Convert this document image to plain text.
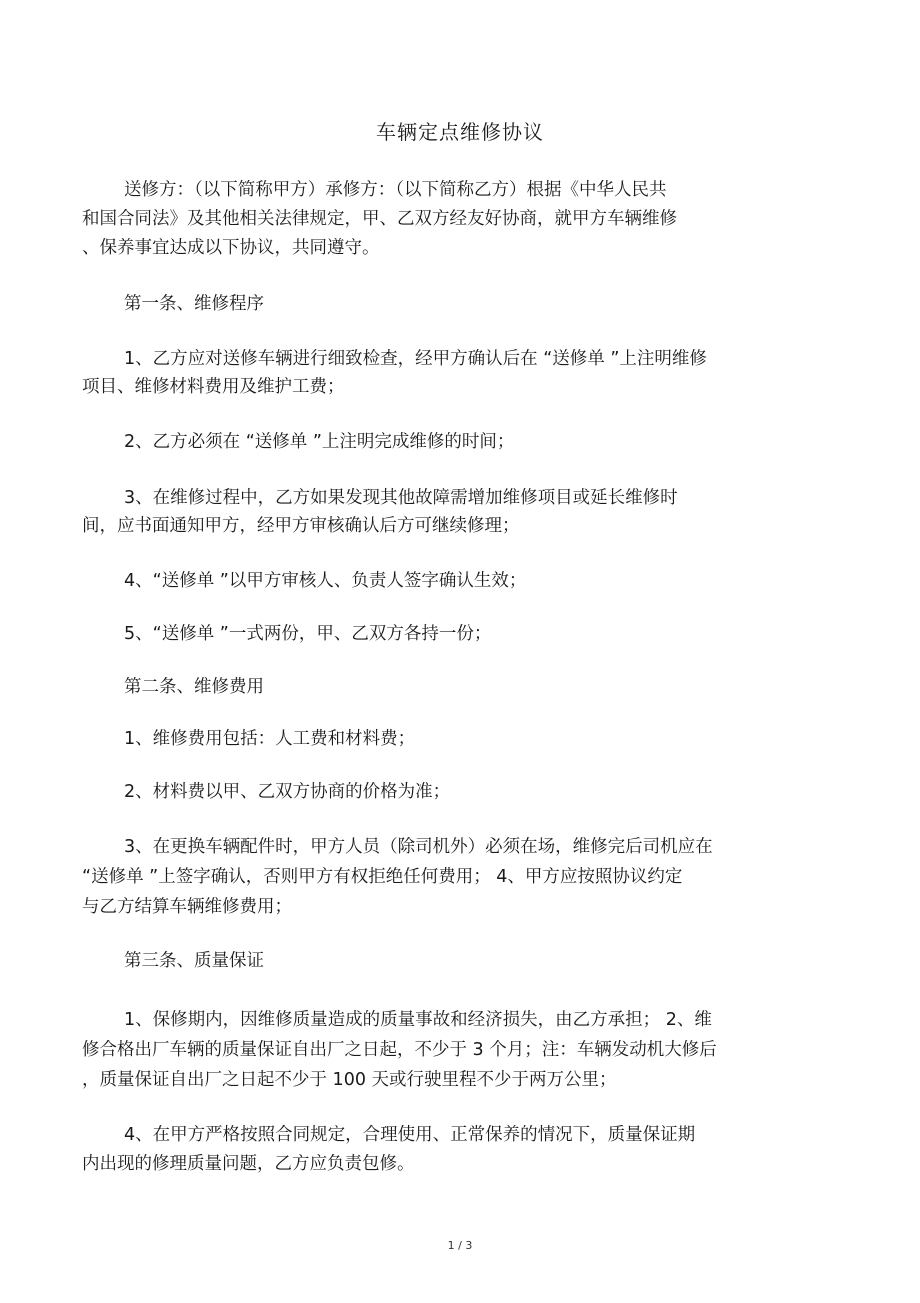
车辆定点维修协议
送修方：（以下简称甲方）承修方：（以下简称乙方）根据《中华人民共
和国合同法》及其他相关法律规定，甲、乙双方经友好协商，就甲方车辆维修
、保养事宜达成以下协议，共同遵守。
第一条、维修程序
1、乙方应对送修车辆进行细致检查，经甲方确认后在 “送修单 ”上注明维修
项目、维修材料费用及维护工费；
2、乙方必须在 “送修单 ”上注明完成维修的时间；
3、在维修过程中，乙方如果发现其他故障需增加维修项目或延长维修时
间，应书面通知甲方，经甲方审核确认后方可继续修理；
4、“送修单 ”以甲方审核人、负责人签字确认生效；
5、“送修单 ”一式两份，甲、乙双方各持一份；
第二条、维修费用
1、维修费用包括：人工费和材料费；
2、材料费以甲、乙双方协商的价格为准；
3、在更换车辆配件时，甲方人员（除司机外）必须在场，维修完后司机应在
“送修单 ”上签字确认，否则甲方有权拒绝任何费用； 4、甲方应按照协议约定
与乙方结算车辆维修费用；
第三条、质量保证
1、保修期内，因维修质量造成的质量事故和经济损失，由乙方承担； 2、维
修合格出厂车辆的质量保证自出厂之日起，不少于 3 个月；注：车辆发动机大修后
，质量保证自出厂之日起不少于 100 天或行驶里程不少于两万公里；
4、在甲方严格按照合同规定，合理使用、正常保养的情况下，质量保证期
内出现的修理质量问题，乙方应负责包修。
1 / 3
